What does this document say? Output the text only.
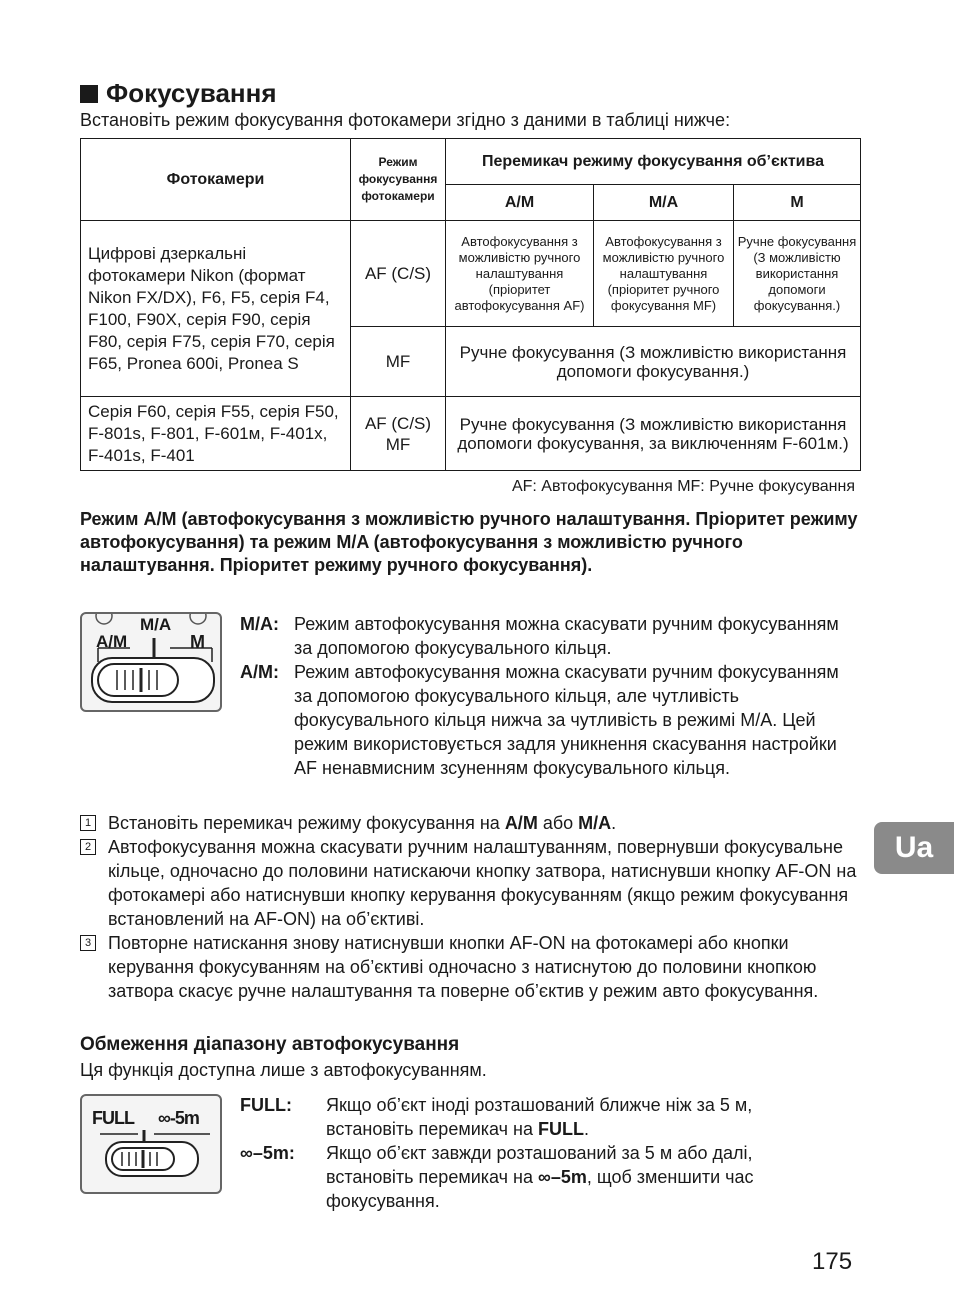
Фокусування
Встановіть режим фокусування фотокамери згідно з даними в таблиці нижче:
Фотокамери	Режим фокусування фотокамери	Перемикач режиму фокусування об’єктива		
		A/M	M/A	M
Цифрові дзеркальні фотокамери Nikon (формат Nikon FX/DX), F6, F5, серія F4, F100, F90X, серія F90, серія F80, серія F75, серія F70, серія F65, Pronea 600i, Pronea S	AF (C/S)	Автофокусування з можливістю ручного налаштування (пріоритет автофокусування AF)	Автофокусування з можливістю ручного налаштування (пріоритет ручного фокусування MF)	Ручне фокусування (З можливістю використання допомоги фокусування.)
	MF	Ручне фокусування (З можливістю використання допомоги фокусування.)		
Серія F60, серія F55, серія F50, F-801s, F-801, F-601м, F-401x, F-401s, F-401	AF (C/S) MF	Ручне фокусування (З можливістю використання допомоги фокусування, за виключенням F-601м.)		
AF: Автофокусування MF: Ручне фокусування
Режим A/M (автофокусування з можливістю ручного налаштування. Пріоритет режиму автофокусування) та режим M/A (автофокусування з можливістю ручного налаштування. Пріоритет режиму ручного фокусування).
M/A
A/M	M
M/A: Режим автофокусування можна скасувати ручним фокусуванням за допомогою фокусувального кільця.
A/M: Режим автофокусування можна скасувати ручним фокусуванням за допомогою фокусувального кільця, але чутливість фокусувального кільця нижча за чутливість в режимі M/A. Цей режим використовується задля уникнення скасування настройки AF ненавмисним зсуненням фокусувального кільця.
1 Встановіть перемикач режиму фокусування на A/M або M/A.
2 Автофокусування можна скасувати ручним налаштуванням, повернувши фокусувальне кільце, одночасно до половини натискаючи кнопку затвора, натиснувши кнопку AF-ON на фотокамері або натиснувши кнопку керування фокусуванням (якщо режим фокусування встановлений на AF-ON) на об’єктиві.
3 Повторне натискання знову натиснувши кнопки AF-ON на фотокамері або кнопки керування фокусуванням на об’єктиві одночасно з натиснутою до половини кнопкою затвора скасує ручне налаштування та поверне об’єктив у режим авто фокусування.
Обмеження діапазону автофокусування
Ця функція доступна лише з автофокусуванням.
FULL ∞-5m
FULL:	Якщо об’єкт іноді розташований ближче ніж за 5 м, встановіть перемикач на FULL.
∞–5m:	Якщо об’єкт завжди розташований за 5 м або далі, встановіть перемикач на ∞–5m, щоб зменшити час фокусування.
Ua
175
